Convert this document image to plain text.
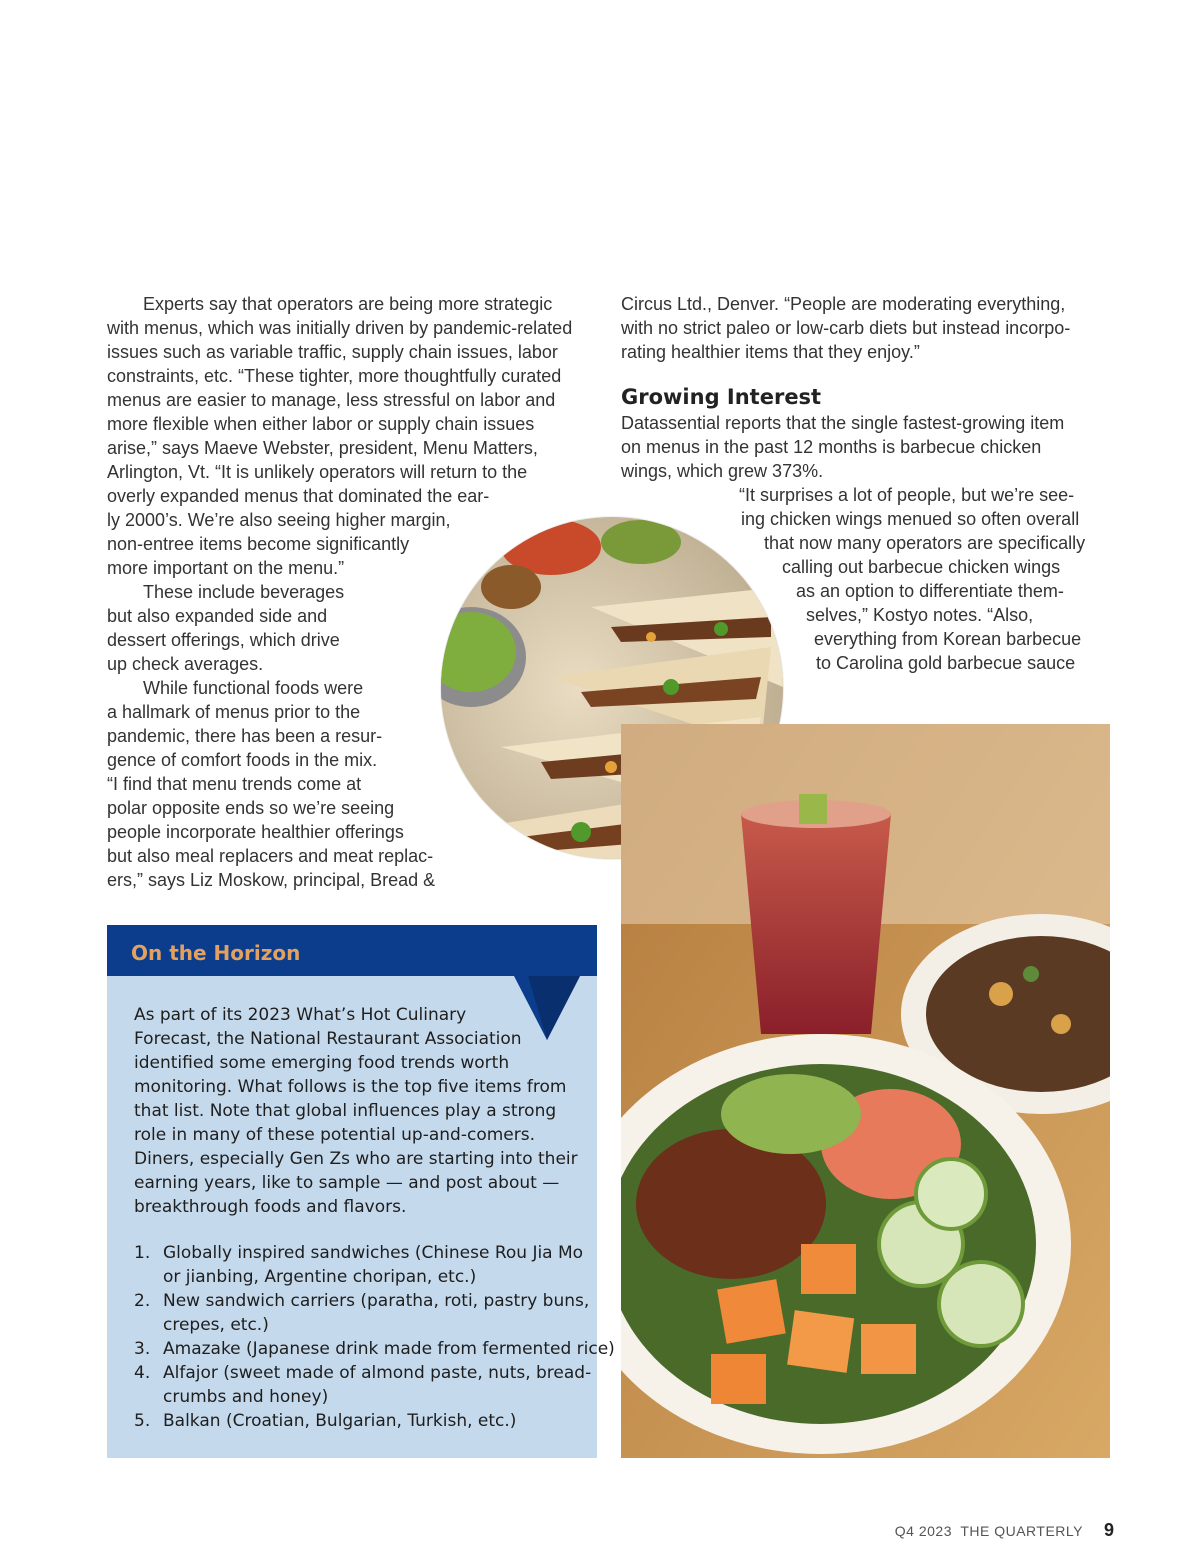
Experts say that operators are being more strategic
with menus, which was initially driven by pandemic-related
issues such as variable traffic, supply chain issues, labor
constraints, etc. “These tighter, more thoughtfully curated
menus are easier to manage, less stressful on labor and
more flexible when either labor or supply chain issues
arise,” says Maeve Webster, president, Menu Matters,
Arlington, Vt. “It is unlikely operators will return to the
overly expanded menus that dominated the ear-
ly 2000’s. We’re also seeing higher margin,
non-entree items become significantly
more important on the menu.”
These include beverages
but also expanded side and
dessert offerings, which drive
up check averages.
While functional foods were
a hallmark of menus prior to the
pandemic, there has been a resur-
gence of comfort foods in the mix.
“I find that menu trends come at
polar opposite ends so we’re seeing
people incorporate healthier offerings
but also meal replacers and meat replac-
ers,” says Liz Moskow, principal, Bread &
Circus Ltd., Denver. “People are moderating everything,
with no strict paleo or low-carb diets but instead incorpo-
rating healthier items that they enjoy.”
Growing Interest
Datassential reports that the single fastest-growing item
on menus in the past 12 months is barbecue chicken
wings, which grew 373%.
“It surprises a lot of people, but we’re see-
ing chicken wings menued so often overall
that now many operators are specifically
calling out barbecue chicken wings
as an option to differentiate them-
selves,” Kostyo notes. “Also,
everything from Korean barbecue
to Carolina gold barbecue sauce
On the Horizon
As part of its 2023 What’s Hot Culinary
Forecast, the National Restaurant Association
identified some emerging food trends worth
monitoring. What follows is the top five items from
that list. Note that global influences play a strong
role in many of these potential up-and-comers.
Diners, especially Gen Zs who are starting into their
earning years, like to sample — and post about —
breakthrough foods and flavors.
1. Globally inspired sandwiches (Chinese Rou Jia Mo
or jianbing, Argentine choripan, etc.)
2. New sandwich carriers (paratha, roti, pastry buns,
crepes, etc.)
3. Amazake (Japanese drink made from fermented rice)
4. Alfajor (sweet made of almond paste, nuts, bread-
crumbs and honey)
5. Balkan (Croatian, Bulgarian, Turkish, etc.)
Q4 2023 THE QUARTERLY 9
